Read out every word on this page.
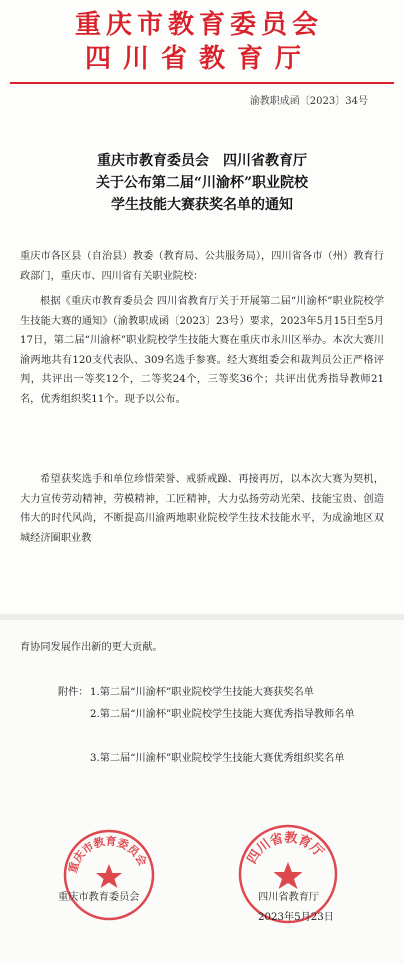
重庆市教育委员会
四川省教育厅
渝教职成函〔2023〕34号
重庆市教育委员会　四川省教育厅
关于公布第二届“川渝杯”职业院校
学生技能大赛获奖名单的通知

重庆市各区县（自治县）教委（教育局、公共服务局），四川省各市（州）教育行政部门，重庆市、四川省有关职业院校：

根据《重庆市教育委员会 四川省教育厅关于开展第二届“川渝杯”职业院校学生技能大赛的通知》（渝教职成函〔2023〕23号）要求，2023年5月15日至5月17日，第二届“川渝杯”职业院校学生技能大赛在重庆市永川区举办。本次大赛川渝两地共有120支代表队、309名选手参赛。经大赛组委会和裁判员公正严格评判，共评出一等奖12个，二等奖24个，三等奖36个；共评出优秀指导教师21名，优秀组织奖11个。现予以公布。

希望获奖选手和单位珍惜荣誉、戒骄戒躁、再接再厉，以本次大赛为契机，大力宣传劳动精神，劳模精神，工匠精神，大力弘扬劳动光荣、技能宝贵、创造伟大的时代风尚，不断提高川渝两地职业院校学生技术技能水平，为成渝地区双城经济圈职业教

育协同发展作出新的更大贡献。

附件： 1.第二届“川渝杯”职业院校学生技能大赛获奖名单

2.第二届“川渝杯”职业院校学生技能大赛优秀指导教师名单

3.第二届“川渝杯”职业院校学生技能大赛优秀组织奖名单

重庆市教育委员会	四川省教育厅
重庆市教育委员会	四川省教育厅
2023年5月23日
